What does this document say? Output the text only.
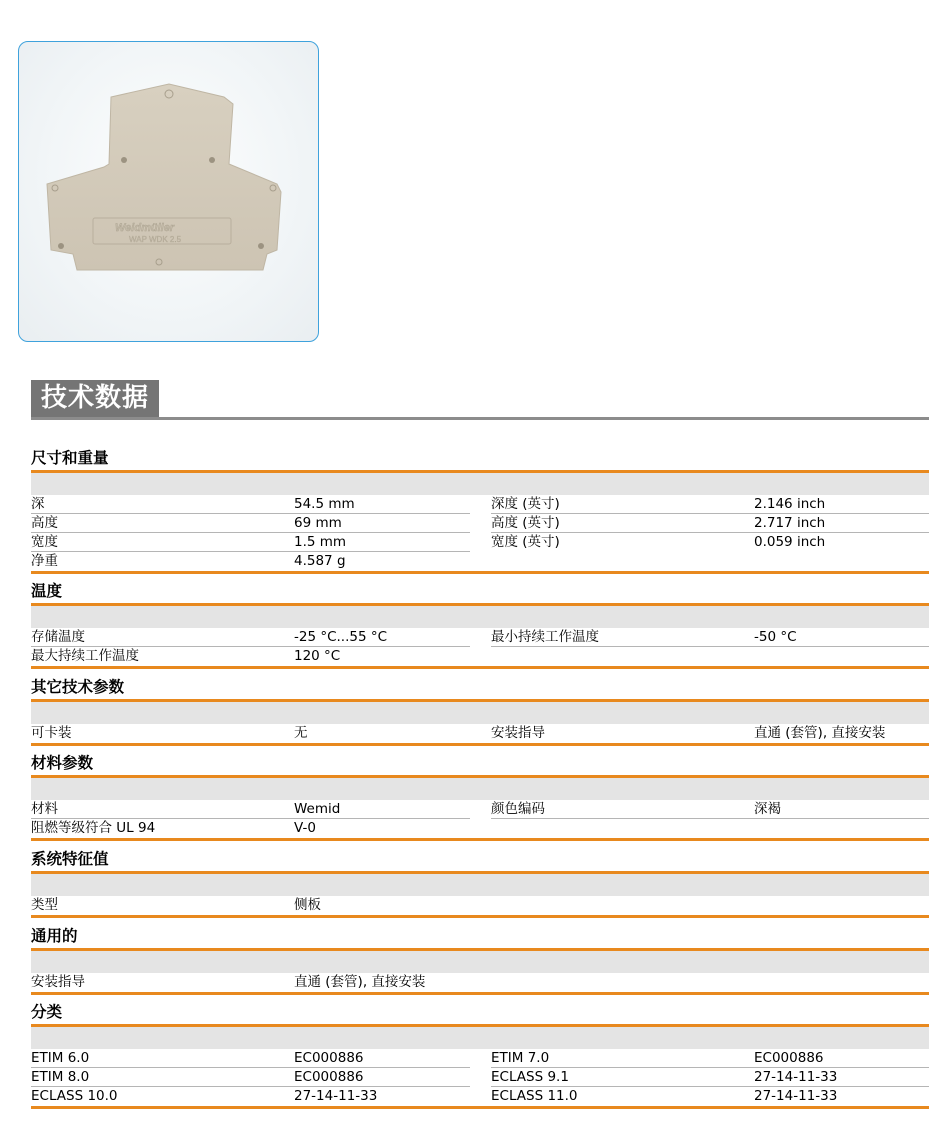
Weidmüller
WAP WDK 2.5
技术数据
尺寸和重量
深	54.5 mm	深度 (英寸)	2.146 inch
高度	69 mm	高度 (英寸)	2.717 inch
宽度	1.5 mm	宽度 (英寸)	0.059 inch
净重	4.587 g
温度
存储温度	-25 °C...55 °C	最小持续工作温度	-50 °C
最大持续工作温度	120 °C
其它技术参数
可卡装	无	安装指导	直通 (套管), 直接安装
材料参数
材料	Wemid	颜色编码	深褐
阻燃等级符合 UL 94	V-0
系统特征值
类型	侧板
通用的
安装指导	直通 (套管), 直接安装
分类
ETIM 6.0	EC000886	ETIM 7.0	EC000886
ETIM 8.0	EC000886	ECLASS 9.1	27-14-11-33
ECLASS 10.0	27-14-11-33	ECLASS 11.0	27-14-11-33
